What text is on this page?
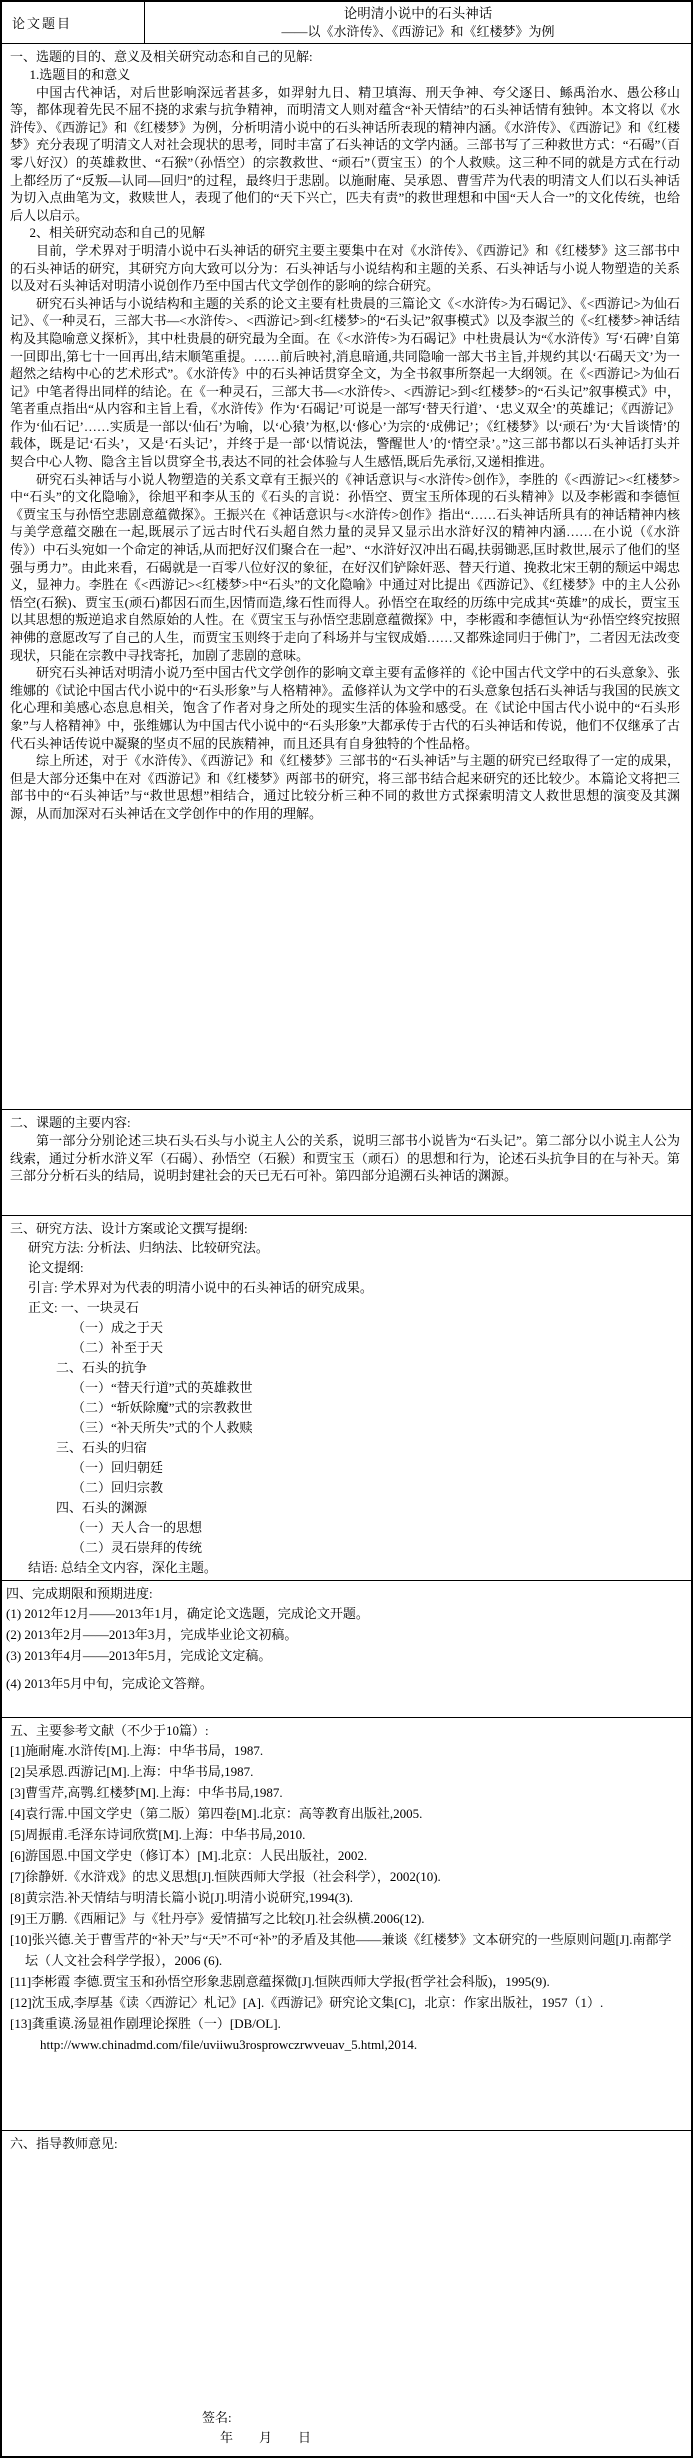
论文题目
论明清小说中的石头神话
——以《水浒传》、《西游记》和《红楼梦》为例
一、选题的目的、意义及相关研究动态和自己的见解:
1.选题目的和意义
中国古代神话，对后世影响深远者甚多，如羿射九日、精卫填海、刑天争神、夸父逐日、鲧禹治水、愚公移山等，都体现着先民不屈不挠的求索与抗争精神，而明清文人则对蕴含“补天情结”的石头神话情有独钟。本文将以《水浒传》、《西游记》和《红楼梦》为例，分析明清小说中的石头神话所表现的精神内涵。《水浒传》、《西游记》和《红楼梦》充分表现了明清文人对社会现状的思考，同时丰富了石头神话的文学内涵。三部书写了三种救世方式：“石碣”（百零八好汉）的英雄救世、“石猴”（孙悟空）的宗教救世、“顽石”（贾宝玉）的个人救赎。这三种不同的就是方式在行动上都经历了“反叛—认同—回归”的过程，最终归于悲剧。以施耐庵、吴承恩、曹雪芹为代表的明清文人们以石头神话为切入点曲笔为文，救赎世人，表现了他们的“天下兴亡，匹夫有责”的救世理想和中国“天人合一”的文化传统，也给后人以启示。
2、相关研究动态和自己的见解
目前，学术界对于明清小说中石头神话的研究主要主要集中在对《水浒传》、《西游记》和《红楼梦》这三部书中的石头神话的研究，其研究方向大致可以分为：石头神话与小说结构和主题的关系、石头神话与小说人物塑造的关系以及对石头神话对明清小说创作乃至中国古代文学创作的影响的综合研究。
研究石头神话与小说结构和主题的关系的论文主要有杜贵晨的三篇论文《<水浒传>为石碣记》、《<西游记>为仙石记》、《一种灵石，三部大书—<水浒传>、<西游记>到<红楼梦>的“石头记”叙事模式》以及李淑兰的《<红楼梦>神话结构及其隐喻意义探析》，其中杜贵晨的研究最为全面。在《<水浒传>为石碣记》中杜贵晨认为“《水浒传》写‘石碑’自第一回即出,第七十一回再出,结末顺笔重提。……前后映衬,消息暗通,共同隐喻一部大书主旨,并规约其以‘石碣天文’为一超然之结构中心的艺术形式”。《水浒传》中的石头神话贯穿全文，为全书叙事所祭起一大纲领。在《<西游记>为仙石记》中笔者得出同样的结论。在《一种灵石，三部大书—<水浒传>、<西游记>到<红楼梦>的“石头记”叙事模式》中，笔者重点指出“从内容和主旨上看，《水浒传》作为‘石碣记’可说是一部写‘替天行道’、‘忠义双全’的英雄记；《西游记》作为‘仙石记’……实质是一部以‘仙石’为喻，以‘心猿’为枢,以‘修心’为宗的‘成佛记’；《红楼梦》以‘顽石’为‘大旨谈情’的载体，既是记‘石头’，又是‘石头记’，并终于是一部‘以情说法，警醒世人’的‘情空录’。”这三部书都以石头神话打头并契合中心人物、隐含主旨以贯穿全书,表达不同的社会体验与人生感悟,既后先承衍,又递相推进。
研究石头神话与小说人物塑造的关系文章有王振兴的《神话意识与<水浒传>创作》，李胜的《<西游记><红楼梦>中“石头”的文化隐喻》，徐旭平和李从玉的《石头的言说：孙悟空、贾宝玉所体现的石头精神》以及李彬霞和李德恒《贾宝玉与孙悟空悲剧意蕴微探》。王振兴在《神话意识与<水浒传>创作》指出“……石头神话所具有的神话精神内核与美学意蕴交融在一起,既展示了远古时代石头超自然力量的灵异又显示出水浒好汉的精神内涵……在小说（《水浒传》）中石头宛如一个命定的神话,从而把好汉们聚合在一起”、“水浒好汉冲出石碣,扶弱锄恶,匡时救世,展示了他们的坚强与勇力”。由此来看，石碣就是一百零八位好汉的象征，在好汉们铲除奸恶、替天行道、挽救北宋王朝的颓运中竭忠义，显神力。李胜在《<西游记><红楼梦>中“石头”的文化隐喻》中通过对比提出《西游记》、《红楼梦》中的主人公孙悟空(石猴)、贾宝玉(顽石)都因石而生,因情而造,缘石性而得人。孙悟空在取经的历练中完成其“英雄”的成长，贾宝玉以其思想的叛逆追求自然原始的人性。在《贾宝玉与孙悟空悲剧意蕴微探》中，李彬霞和李德恒认为“孙悟空终究按照神佛的意愿改写了自己的人生，而贾宝玉则终于走向了科场并与宝钗成婚……又都殊途同归于佛门”，二者因无法改变现状，只能在宗教中寻找寄托，加剧了悲剧的意味。
研究石头神话对明清小说乃至中国古代文学创作的影响文章主要有孟修祥的《论中国古代文学中的石头意象》、张维娜的《试论中国古代小说中的“石头形象”与人格精神》。孟修祥认为文学中的石头意象包括石头神话与我国的民族文化心理和美感心态息息相关，饱含了作者对身之所处的现实生活的体验和感受。在《试论中国古代小说中的“石头形象”与人格精神》中，张维娜认为中国古代小说中的“石头形象”大都承传于古代的石头神话和传说，他们不仅继承了古代石头神话传说中凝聚的坚贞不屈的民族精神，而且还具有自身独特的个性品格。
综上所述，对于《水浒传》、《西游记》和《红楼梦》三部书的“石头神话”与主题的研究已经取得了一定的成果，但是大部分还集中在对《西游记》和《红楼梦》两部书的研究，将三部书结合起来研究的还比较少。本篇论文将把三部书中的“石头神话”与“救世思想”相结合，通过比较分析三种不同的救世方式探索明清文人救世思想的演变及其渊源，从而加深对石头神话在文学创作中的作用的理解。
二、课题的主要内容:
第一部分分别论述三块石头石头与小说主人公的关系，说明三部书小说皆为“石头记”。第二部分以小说主人公为线索，通过分析水浒义军（石碣）、孙悟空（石猴）和贾宝玉（顽石）的思想和行为，论述石头抗争目的在与补天。第三部分分析石头的结局，说明封建社会的天已无石可补。第四部分追溯石头神话的渊源。
三、研究方法、设计方案或论文撰写提纲:
研究方法: 分析法、归纳法、比较研究法。
论文提纲:
引言: 学术界对为代表的明清小说中的石头神话的研究成果。
正文: 一、一块灵石
（一）成之于天
（二）补至于天
二、石头的抗争
（一）“替天行道”式的英雄救世
（二）“斩妖除魔”式的宗教救世
（三）“补天所失”式的个人救赎
三、石头的归宿
（一）回归朝廷
（二）回归宗教
四、石头的渊源
（一）天人合一的思想
（二）灵石崇拜的传统
结语: 总结全文内容，深化主题。
四、完成期限和预期进度:
(1) 2012年12月——2013年1月，确定论文选题，完成论文开题。
(2) 2013年2月——2013年3月，完成毕业论文初稿。
(3) 2013年4月——2013年5月，完成论文定稿。
(4) 2013年5月中旬，完成论文答辩。
五、主要参考文献（不少于10篇）:
[1]施耐庵.水浒传[M].上海：中华书局，1987.
[2]吴承恩.西游记[M].上海：中华书局,1987.
[3]曹雪芹,高鹗.红楼梦[M].上海：中华书局,1987.
[4]袁行霈.中国文学史（第二版）第四卷[M].北京：高等教育出版社,2005.
[5]周振甫.毛泽东诗词欣赏[M].上海：中华书局,2010.
[6]游国恩.中国文学史（修订本）[M].北京：人民出版社，2002.
[7]徐静妍.《水浒戏》的忠义思想[J].恒陕西师大学报（社会科学），2002(10).
[8]黄宗浩.补天情结与明清长篇小说[J].明清小说研究,1994(3).
[9]王万鹏.《西厢记》与《牡丹亭》爱情描写之比较[J].社会纵横.2006(12).
[10]张兴德.关于曹雪芹的“补天”与“天”不可“补”的矛盾及其他——兼谈《红楼梦》文本研究的一些原则问题[J].南都学坛（人文社会科学学报），2006 (6).
[11]李彬霞 李德.贾宝玉和孙悟空形象悲剧意蕴探微[J].恒陕西师大学报(哲学社会科版)，1995(9).
[12]沈玉成,李厚基《读〈西游记〉札记》[A].《西游记》研究论文集[C]，北京：作家出版社，1957（1）.
[13]龚重谟.汤显祖作剧理论探胜（一）[DB/OL].
http://www.chinadmd.com/file/uviiwu3rosprowczrwveuav_5.html,2014.
六、指导教师意见:
签名:
年　　月　　日
